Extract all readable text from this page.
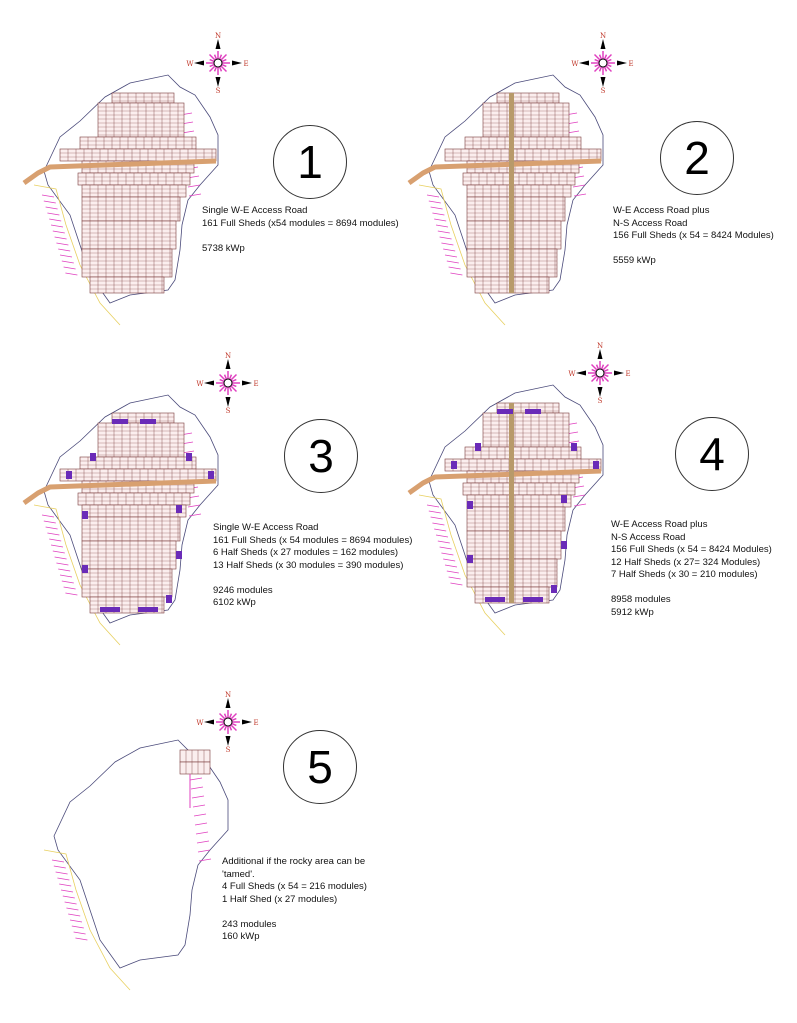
N
S
E
W
1
Single W-E Access Road
161 Full Sheds (x54 modules = 8694 modules)
5738 kWp
N
S
E
W
2
W-E Access Road plus
N-S Access Road
156 Full Sheds (x 54 = 8424 Modules)
5559 kWp
N
S
E
W
3
Single W-E Access Road
161 Full Sheds (x 54 modules = 8694 modules)
6 Half Sheds (x 27 modules = 162 modules)
13 Half Sheds (x 30 modules = 390 modules)
9246 modules
6102 kWp
N
S
E
W
4
W-E Access Road plus
N-S Access Road
156 Full Sheds (x 54 = 8424 Modules)
12 Half Sheds (x 27= 324 Modules)
7 Half Sheds (x 30 = 210 modules)
8958 modules
5912 kWp
N
S
E
W
5
Additional if the rocky area can be
'tamed'.
4 Full Sheds (x 54 = 216 modules)
1 Half Shed (x 27 modules)
243 modules
160 kWp
